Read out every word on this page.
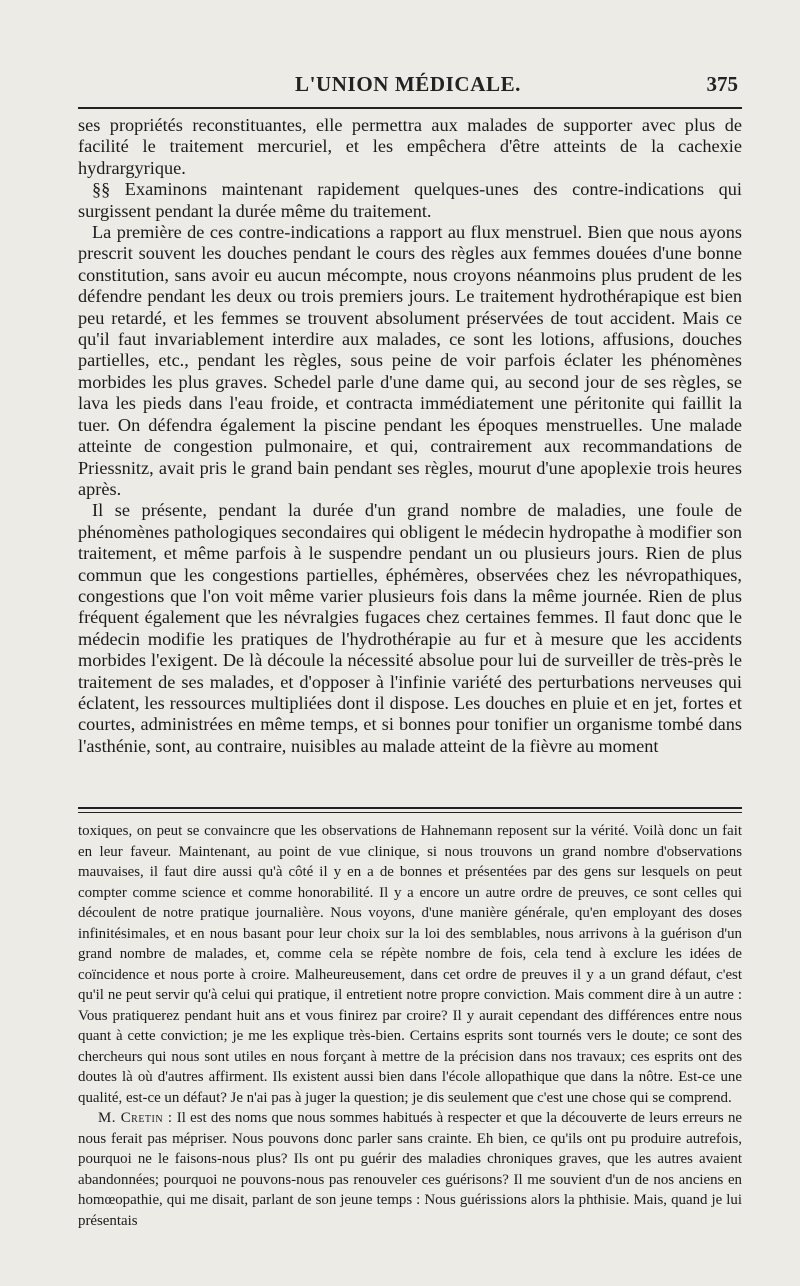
L'UNION MÉDICALE.	375

ses propriétés reconstituantes, elle permettra aux malades de supporter avec plus de facilité le traitement mercuriel, et les empêchera d'être atteints de la cachexie hydrargyrique.

§§ Examinons maintenant rapidement quelques-unes des contre-indications qui surgissent pendant la durée même du traitement.

La première de ces contre-indications a rapport au flux menstruel. Bien que nous ayons prescrit souvent les douches pendant le cours des règles aux femmes douées d'une bonne constitution, sans avoir eu aucun mécompte, nous croyons néanmoins plus prudent de les défendre pendant les deux ou trois premiers jours. Le traitement hydrothérapique est bien peu retardé, et les femmes se trouvent absolument préservées de tout accident. Mais ce qu'il faut invariablement interdire aux malades, ce sont les lotions, affusions, douches partielles, etc., pendant les règles, sous peine de voir parfois éclater les phénomènes morbides les plus graves. Schedel parle d'une dame qui, au second jour de ses règles, se lava les pieds dans l'eau froide, et contracta immédiatement une péritonite qui faillit la tuer. On défendra également la piscine pendant les époques menstruelles. Une malade atteinte de congestion pulmonaire, et qui, contrairement aux recommandations de Priessnitz, avait pris le grand bain pendant ses règles, mourut d'une apoplexie trois heures après.

Il se présente, pendant la durée d'un grand nombre de maladies, une foule de phénomènes pathologiques secondaires qui obligent le médecin hydropathe à modifier son traitement, et même parfois à le suspendre pendant un ou plusieurs jours. Rien de plus commun que les congestions partielles, éphémères, observées chez les névropathiques, congestions que l'on voit même varier plusieurs fois dans la même journée. Rien de plus fréquent également que les névralgies fugaces chez certaines femmes. Il faut donc que le médecin modifie les pratiques de l'hydrothérapie au fur et à mesure que les accidents morbides l'exigent. De là découle la nécessité absolue pour lui de surveiller de très-près le traitement de ses malades, et d'opposer à l'infinie variété des perturbations nerveuses qui éclatent, les ressources multipliées dont il dispose. Les douches en pluie et en jet, fortes et courtes, administrées en même temps, et si bonnes pour tonifier un organisme tombé dans l'asthénie, sont, au contraire, nuisibles au malade atteint de la fièvre au moment

toxiques, on peut se convaincre que les observations de Hahnemann reposent sur la vérité. Voilà donc un fait en leur faveur. Maintenant, au point de vue clinique, si nous trouvons un grand nombre d'observations mauvaises, il faut dire aussi qu'à côté il y en a de bonnes et présentées par des gens sur lesquels on peut compter comme science et comme honorabilité. Il y a encore un autre ordre de preuves, ce sont celles qui découlent de notre pratique journalière. Nous voyons, d'une manière générale, qu'en employant des doses infinitésimales, et en nous basant pour leur choix sur la loi des semblables, nous arrivons à la guérison d'un grand nombre de malades, et, comme cela se répète nombre de fois, cela tend à exclure les idées de coïncidence et nous porte à croire. Malheureusement, dans cet ordre de preuves il y a un grand défaut, c'est qu'il ne peut servir qu'à celui qui pratique, il entretient notre propre conviction. Mais comment dire à un autre : Vous pratiquerez pendant huit ans et vous finirez par croire? Il y aurait cependant des différences entre nous quant à cette conviction; je me les explique très-bien. Certains esprits sont tournés vers le doute; ce sont des chercheurs qui nous sont utiles en nous forçant à mettre de la précision dans nos travaux; ces esprits ont des doutes là où d'autres affirment. Ils existent aussi bien dans l'école allopathique que dans la nôtre. Est-ce une qualité, est-ce un défaut? Je n'ai pas à juger la question; je dis seulement que c'est une chose qui se comprend.

M. Cretin : Il est des noms que nous sommes habitués à respecter et que la découverte de leurs erreurs ne nous ferait pas mépriser. Nous pouvons donc parler sans crainte. Eh bien, ce qu'ils ont pu produire autrefois, pourquoi ne le faisons-nous plus? Ils ont pu guérir des maladies chroniques graves, que les autres avaient abandonnées; pourquoi ne pouvons-nous pas renouveler ces guérisons? Il me souvient d'un de nos anciens en homœopathie, qui me disait, parlant de son jeune temps : Nous guérissions alors la phthisie. Mais, quand je lui présentais
